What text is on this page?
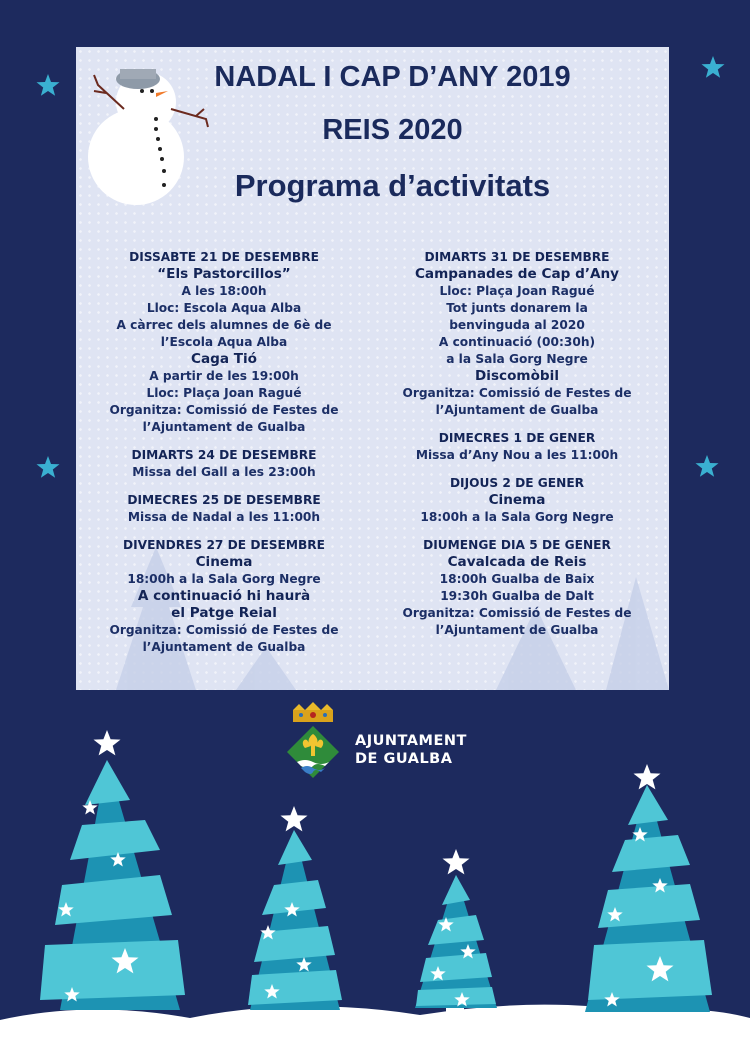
NADAL I CAP D’ANY 2019
REIS 2020
Programa d’activitats
DISSABTE 21 DE DESEMBRE
“Els Pastorcillos”
A les 18:00h
Lloc: Escola Aqua Alba
A càrrec dels alumnes de 6è de
l’Escola Aqua Alba
Caga Tió
A partir de les 19:00h
Lloc: Plaça Joan Ragué
Organitza: Comissió de Festes de
l’Ajuntament de Gualba
DIMARTS 24 DE DESEMBRE
Missa del Gall a les 23:00h
DIMECRES 25 DE DESEMBRE
Missa de Nadal a les 11:00h
DIVENDRES 27 DE DESEMBRE
Cinema
18:00h a la Sala Gorg Negre
A continuació hi haurà
el Patge Reial
Organitza: Comissió de Festes de
l’Ajuntament de Gualba
DIMARTS 31 DE DESEMBRE
Campanades de Cap d’Any
Lloc: Plaça Joan Ragué
Tot junts donarem la
benvinguda al 2020
A continuació (00:30h)
a la Sala Gorg Negre
Discomòbil
Organitza: Comissió de Festes de
l’Ajuntament de Gualba
DIMECRES 1 DE GENER
Missa d’Any Nou a les 11:00h
DIJOUS 2 DE GENER
Cinema
18:00h a la Sala Gorg Negre
DIUMENGE DIA 5 DE GENER
Cavalcada de Reis
18:00h Gualba de Baix
19:30h Gualba de Dalt
Organitza: Comissió de Festes de
l’Ajuntament de Gualba
AJUNTAMENT
DE GUALBA
